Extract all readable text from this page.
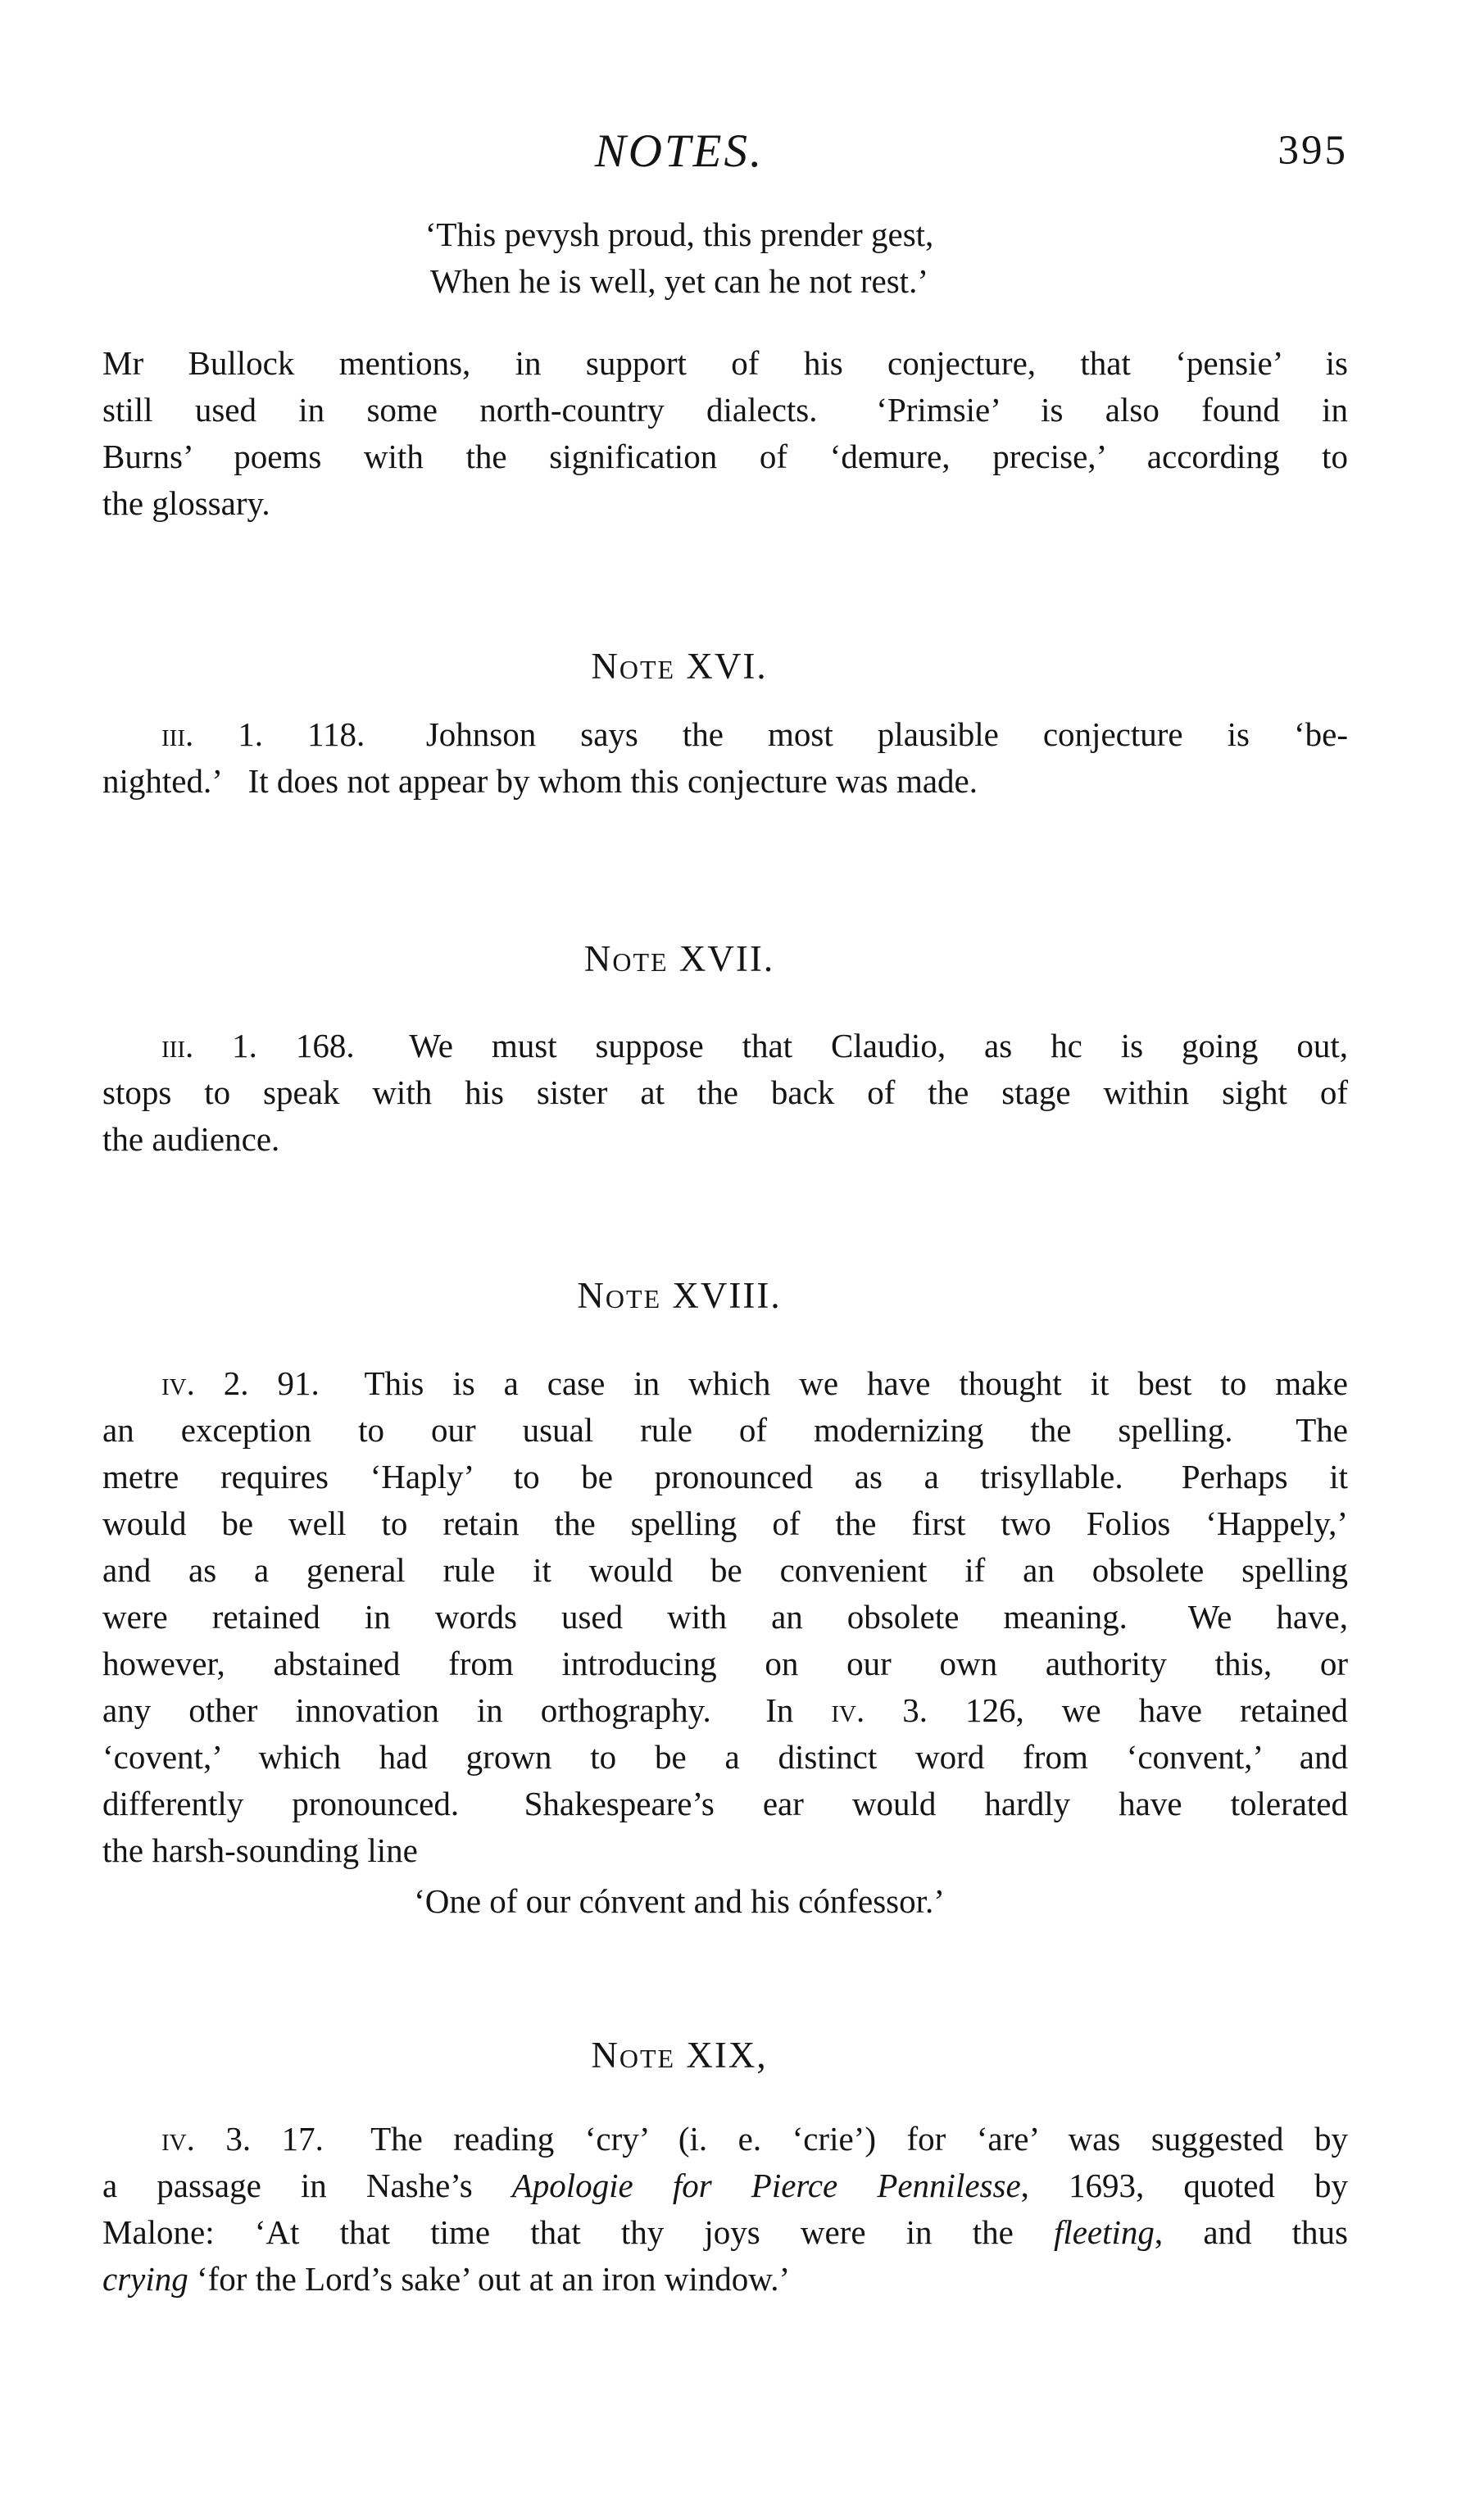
NOTES.	395
‘This pevysh proud, this prender gest,
When he is well, yet can he not rest.’
Mr Bullock mentions, in support of his conjecture, that ‘pensie’ is
still used in some north-country dialects.  ‘Primsie’ is also found in
Burns’ poems with the signification of ‘demure, precise,’ according to
the glossary.
Note XVI.
iii. 1. 118.  Johnson says the most plausible conjecture is ‘be-
nighted.’  It does not appear by whom this conjecture was made.
Note XVII.
iii. 1. 168.  We must suppose that Claudio, as hc is going out,
stops to speak with his sister at the back of the stage within sight of
the audience.
Note XVIII.
iv. 2. 91.  This is a case in which we have thought it best to make
an exception to our usual rule of modernizing the spelling.  The
metre requires ‘Haply’ to be pronounced as a trisyllable.  Perhaps it
would be well to retain the spelling of the first two Folios ‘Happely,’
and as a general rule it would be convenient if an obsolete spelling
were retained in words used with an obsolete meaning.  We have,
however, abstained from introducing on our own authority this, or
any other innovation in orthography.  In iv. 3. 126, we have retained
‘covent,’ which had grown to be a distinct word from ‘convent,’ and
differently pronounced.  Shakespeare’s ear would hardly have tolerated
the harsh-sounding line
‘One of our cónvent and his cónfessor.’
Note XIX,
iv. 3. 17.  The reading ‘cry’ (i. e. ‘crie’) for ‘are’ was suggested by
a passage in Nashe’s Apologie for Pierce Pennilesse, 1693, quoted by
Malone: ‘At that time that thy joys were in the fleeting, and thus
crying ‘for the Lord’s sake’ out at an iron window.’
